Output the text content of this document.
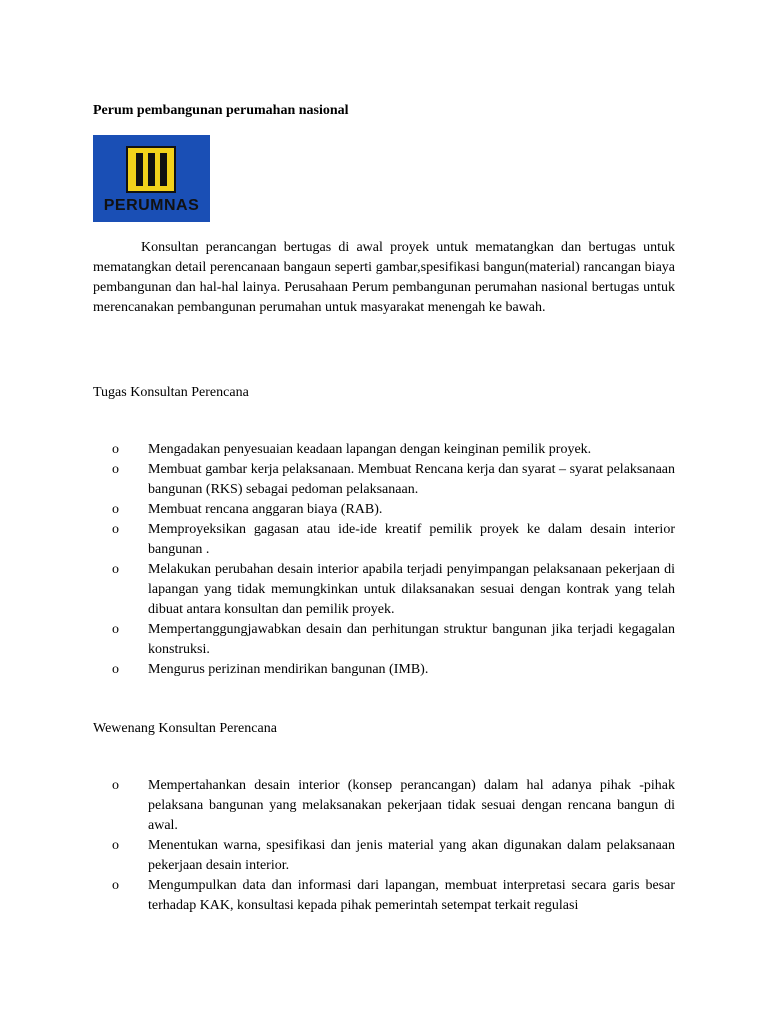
Perum pembangunan perumahan nasional
PERUMNAS

Konsultan perancangan bertugas di awal proyek untuk mematangkan dan bertugas untuk mematangkan detail perencanaan bangaun seperti gambar,spesifikasi bangun(material) rancangan biaya pembangunan dan hal-hal lainya. Perusahaan Perum pembangunan perumahan nasional bertugas untuk merencanakan pembangunan perumahan untuk masyarakat menengah ke bawah.

Tugas Konsultan Perencana
o Mengadakan penyesuaian keadaan lapangan dengan keinginan pemilik proyek.
o Membuat gambar kerja pelaksanaan. Membuat Rencana kerja dan syarat – syarat pelaksanaan bangunan (RKS) sebagai pedoman pelaksanaan.
o Membuat rencana anggaran biaya (RAB).
o Memproyeksikan gagasan atau ide-ide kreatif pemilik proyek ke dalam desain interior bangunan .
o Melakukan perubahan desain interior apabila terjadi penyimpangan pelaksanaan pekerjaan di lapangan yang tidak memungkinkan untuk dilaksanakan sesuai dengan kontrak yang telah dibuat antara konsultan dan pemilik proyek.
o Mempertanggungjawabkan desain dan perhitungan struktur bangunan jika terjadi kegagalan konstruksi.
o Mengurus perizinan mendirikan bangunan (IMB).
Wewenang Konsultan Perencana
o Mempertahankan desain interior (konsep perancangan) dalam hal adanya pihak -pihak pelaksana bangunan yang melaksanakan pekerjaan tidak sesuai dengan rencana bangun di awal.
o Menentukan warna, spesifikasi dan jenis material yang akan digunakan dalam pelaksanaan pekerjaan desain interior.
o Mengumpulkan data dan informasi dari lapangan, membuat interpretasi secara garis besar terhadap KAK, konsultasi kepada pihak pemerintah setempat terkait regulasi
